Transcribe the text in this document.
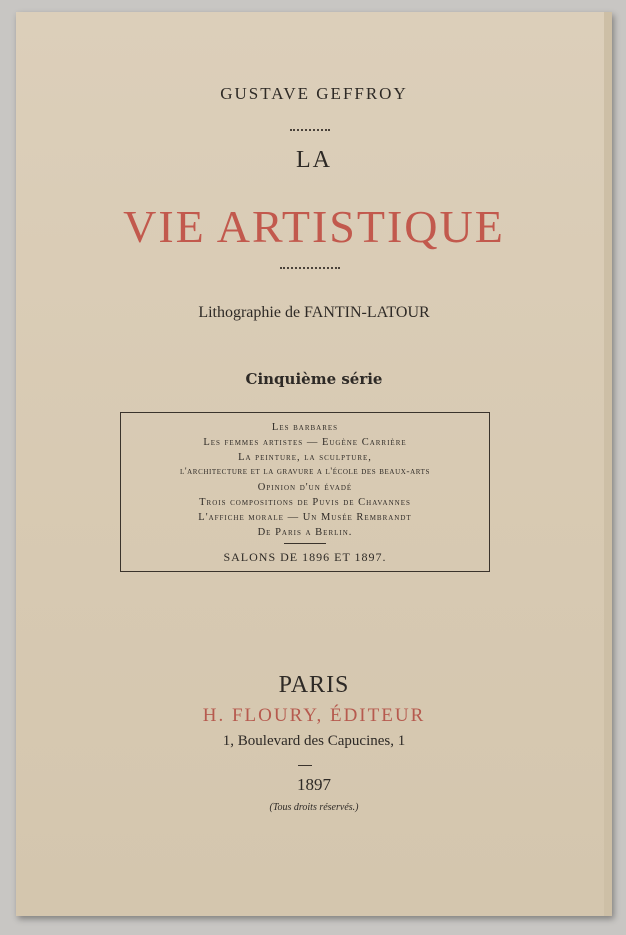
GUSTAVE GEFFROY
LA
VIE ARTISTIQUE
Lithographie de FANTIN-LATOUR
Cinquième série
Les barbares
Les femmes artistes — Eugène Carrière
La peinture, la sculpture,
l'architecture et la gravure a l'école des beaux-arts
Opinion d'un évadé
Trois compositions de Puvis de Chavannes
L'affiche morale — Un Musée Rembrandt
De Paris a Berlin.
SALONS DE 1896 ET 1897.
PARIS
H. FLOURY, ÉDITEUR
1, Boulevard des Capucines, 1
1897
(Tous droits réservés.)
